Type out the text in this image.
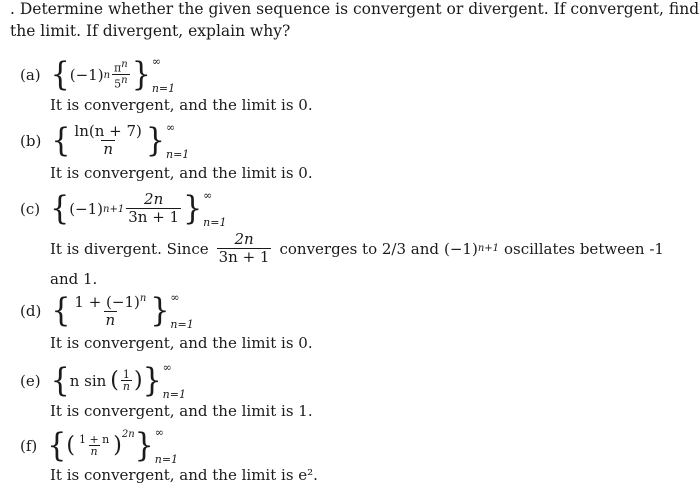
. Determine whether the given sequence is convergent or divergent. If convergent, find
the limit. If divergent, explain why?
(a) { (−1) n $\frac{\pi^n}{5^n}$ } ∞
n=1
It is convergent, and the limit is 0.
(b) { $\frac{\ln(n + 7)}{n}$ } ∞
n=1
It is convergent, and the limit is 0.
(c) { (−1) $n+1 \frac{2n}{3n + 1}$ } ∞
n=1
It is divergent. Since $\frac{2n}{3n + 1}$ converges to 2/3 and (−1) n+1 oscillates between -1
and 1.
(d) { $\frac{1 + (-1)^n}{n}$ } ∞
n=1
It is convergent, and the limit is 0.
(e) { n sin ( $\frac{1}{n}$ ) } ∞
n=1
It is convergent, and the limit is 1.
(f) { ( $\frac{1 + n}{n} )^{2n}$ } ∞
n=1
It is convergent, and the limit is e².
